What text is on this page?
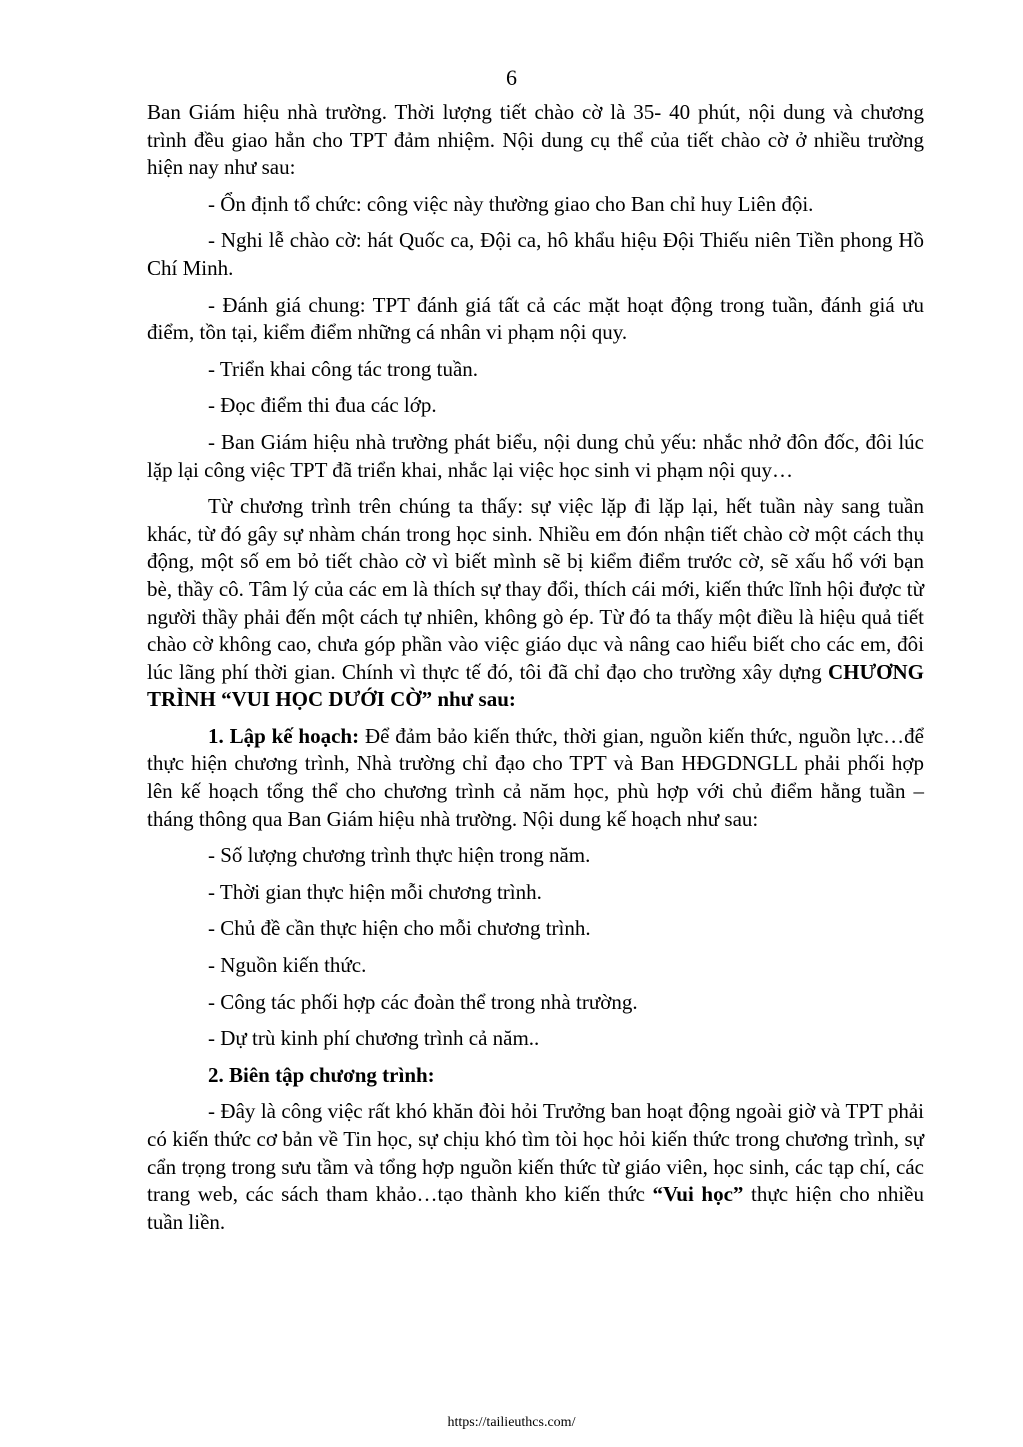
6

Ban Giám hiệu nhà trường. Thời lượng tiết chào cờ là 35- 40 phút, nội dung và chương trình đều giao hẳn cho TPT đảm nhiệm. Nội dung cụ thể của tiết chào cờ ở nhiều trường hiện nay như sau:

- Ổn định tổ chức: công việc này thường giao cho Ban chỉ huy Liên đội.

- Nghi lễ chào cờ: hát Quốc ca, Đội ca, hô khẩu hiệu Đội Thiếu niên Tiền phong Hồ Chí Minh.

- Đánh giá chung: TPT đánh giá tất cả các mặt hoạt động trong tuần, đánh giá ưu điểm, tồn tại, kiểm điểm những cá nhân vi phạm nội quy.

- Triển khai công tác trong tuần.

- Đọc điểm thi đua các lớp.

- Ban Giám hiệu nhà trường phát biểu, nội dung chủ yếu: nhắc nhở đôn đốc, đôi lúc lặp lại công việc TPT đã triển khai, nhắc lại việc học sinh vi phạm nội quy…

Từ chương trình trên chúng ta thấy: sự việc lặp đi lặp lại, hết tuần này sang tuần khác, từ đó gây sự nhàm chán trong học sinh. Nhiều em đón nhận tiết chào cờ một cách thụ động, một số em bỏ tiết chào cờ vì biết mình sẽ bị kiểm điểm trước cờ, sẽ xấu hổ với bạn bè, thầy cô. Tâm lý của các em là thích sự thay đổi, thích cái mới, kiến thức lĩnh hội được từ người thầy phải đến một cách tự nhiên, không gò ép. Từ đó ta thấy một điều là hiệu quả tiết chào cờ không cao, chưa góp phần vào việc giáo dục và nâng cao hiểu biết cho các em, đôi lúc lãng phí thời gian. Chính vì thực tế đó, tôi đã chỉ đạo cho trường xây dựng CHƯƠNG TRÌNH “VUI HỌC DƯỚI CỜ” như sau:

1. Lập kế hoạch: Để đảm bảo kiến thức, thời gian, nguồn kiến thức, nguồn lực…để thực hiện chương trình, Nhà trường chỉ đạo cho TPT và Ban HĐGDNGLL phải phối hợp lên kế hoạch tổng thể cho chương trình cả năm học, phù hợp với chủ điểm hằng tuần – tháng thông qua Ban Giám hiệu nhà trường. Nội dung kế hoạch như sau:

- Số lượng chương trình thực hiện trong năm.

- Thời gian thực hiện mỗi chương trình.

- Chủ đề cần thực hiện cho mỗi chương trình.

- Nguồn kiến thức.

- Công tác phối hợp các đoàn thể trong nhà trường.

- Dự trù kinh phí chương trình cả năm..

2. Biên tập chương trình:

- Đây là công việc rất khó khăn đòi hỏi Trưởng ban hoạt động ngoài giờ và TPT phải có kiến thức cơ bản về Tin học, sự chịu khó tìm tòi học hỏi kiến thức trong chương trình, sự cẩn trọng trong sưu tầm và tổng hợp nguồn kiến thức từ giáo viên, học sinh, các tạp chí, các trang web, các sách tham khảo…tạo thành kho kiến thức “Vui học” thực hiện cho nhiều tuần liền.

https://tailieuthcs.com/
